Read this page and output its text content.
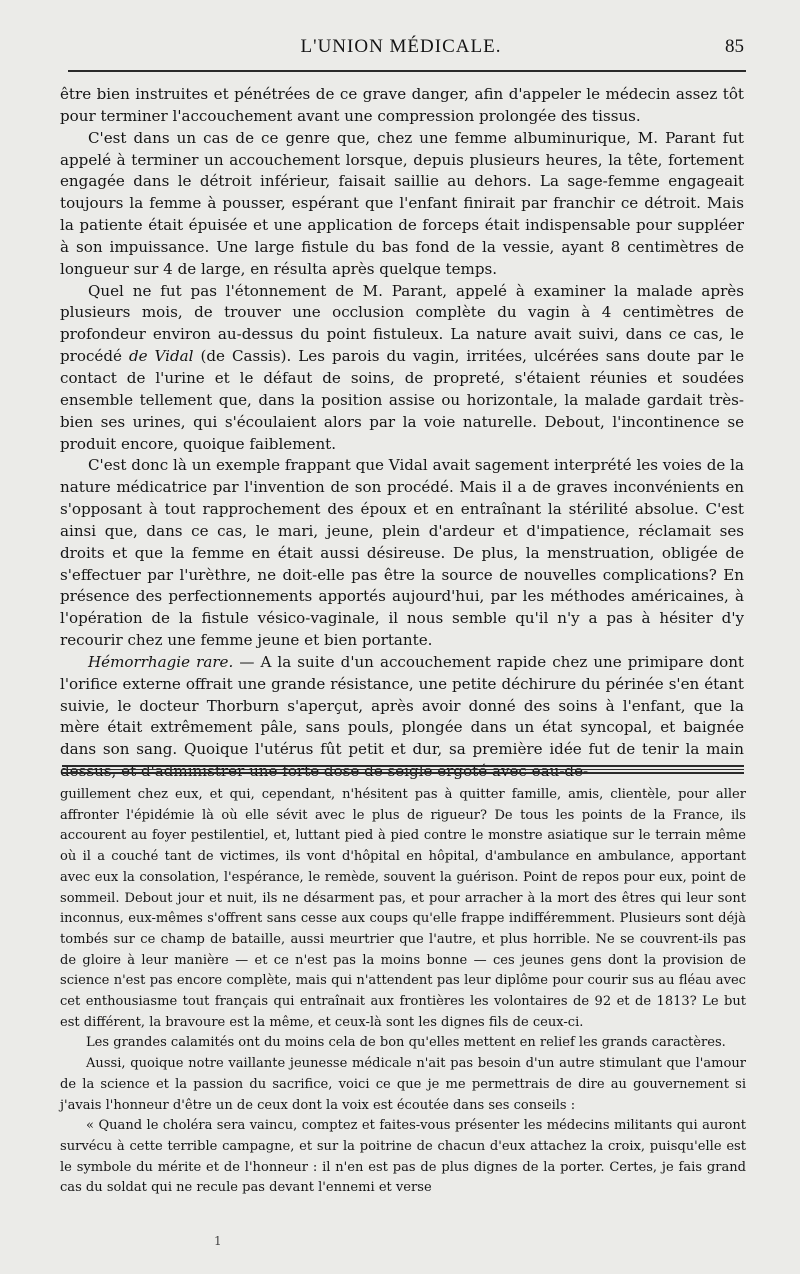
L'UNION MÉDICALE.	85

être bien instruites et pénétrées de ce grave danger, afin d'appeler le médecin assez tôt pour terminer l'accouchement avant une compression prolongée des tissus.

C'est dans un cas de ce genre que, chez une femme albuminurique, M. Parant fut appelé à terminer un accouchement lorsque, depuis plusieurs heures, la tête, fortement engagée dans le détroit inférieur, faisait saillie au dehors. La sage-femme engageait toujours la femme à pousser, espérant que l'enfant finirait par franchir ce détroit. Mais la patiente était épuisée et une application de forceps était indispensable pour suppléer à son impuissance. Une large fistule du bas fond de la vessie, ayant 8 centimètres de longueur sur 4 de large, en résulta après quelque temps.

Quel ne fut pas l'étonnement de M. Parant, appelé à examiner la malade après plusieurs mois, de trouver une occlusion complète du vagin à 4 centimètres de profondeur environ au-dessus du point fistuleux. La nature avait suivi, dans ce cas, le procédé de Vidal (de Cassis). Les parois du vagin, irritées, ulcérées sans doute par le contact de l'urine et le défaut de soins, de propreté, s'étaient réunies et soudées ensemble tellement que, dans la position assise ou horizontale, la malade gardait très-bien ses urines, qui s'écoulaient alors par la voie naturelle. Debout, l'incontinence se produit encore, quoique faiblement.

C'est donc là un exemple frappant que Vidal avait sagement interprété les voies de la nature médicatrice par l'invention de son procédé. Mais il a de graves inconvénients en s'opposant à tout rapprochement des époux et en entraînant la stérilité absolue. C'est ainsi que, dans ce cas, le mari, jeune, plein d'ardeur et d'impatience, réclamait ses droits et que la femme en était aussi désireuse. De plus, la menstruation, obligée de s'effectuer par l'urèthre, ne doit-elle pas être la source de nouvelles complications? En présence des perfectionnements apportés aujourd'hui, par les méthodes américaines, à l'opération de la fistule vésico-vaginale, il nous semble qu'il n'y a pas à hésiter d'y recourir chez une femme jeune et bien portante.

Hémorrhagie rare. — A la suite d'un accouchement rapide chez une primipare dont l'orifice externe offrait une grande résistance, une petite déchirure du périnée s'en étant suivie, le docteur Thorburn s'aperçut, après avoir donné des soins à l'enfant, que la mère était extrêmement pâle, sans pouls, plongée dans un état syncopal, et baignée dans son sang. Quoique l'utérus fût petit et dur, sa première idée fut de tenir la main dessus, et d'administrer une forte dose de seigle ergoté avec eau-de-

guillement chez eux, et qui, cependant, n'hésitent pas à quitter famille, amis, clientèle, pour aller affronter l'épidémie là où elle sévit avec le plus de rigueur? De tous les points de la France, ils accourent au foyer pestilentiel, et, luttant pied à pied contre le monstre asiatique sur le terrain même où il a couché tant de victimes, ils vont d'hôpital en hôpital, d'ambulance en ambulance, apportant avec eux la consolation, l'espérance, le remède, souvent la guérison. Point de repos pour eux, point de sommeil. Debout jour et nuit, ils ne désarment pas, et pour arracher à la mort des êtres qui leur sont inconnus, eux-mêmes s'offrent sans cesse aux coups qu'elle frappe indifféremment. Plusieurs sont déjà tombés sur ce champ de bataille, aussi meurtrier que l'autre, et plus horrible. Ne se couvrent-ils pas de gloire à leur manière — et ce n'est pas la moins bonne — ces jeunes gens dont la provision de science n'est pas encore complète, mais qui n'attendent pas leur diplôme pour courir sus au fléau avec cet enthousiasme tout français qui entraînait aux frontières les volontaires de 92 et de 1813? Le but est différent, la bravoure est la même, et ceux-là sont les dignes fils de ceux-ci.

Les grandes calamités ont du moins cela de bon qu'elles mettent en relief les grands caractères.

Aussi, quoique notre vaillante jeunesse médicale n'ait pas besoin d'un autre stimulant que l'amour de la science et la passion du sacrifice, voici ce que je me permettrais de dire au gouvernement si j'avais l'honneur d'être un de ceux dont la voix est écoutée dans ses conseils :

« Quand le choléra sera vaincu, comptez et faites-vous présenter les médecins militants qui auront survécu à cette terrible campagne, et sur la poitrine de chacun d'eux attachez la croix, puisqu'elle est le symbole du mérite et de l'honneur : il n'en est pas de plus dignes de la porter. Certes, je fais grand cas du soldat qui ne recule pas devant l'ennemi et verse

1
